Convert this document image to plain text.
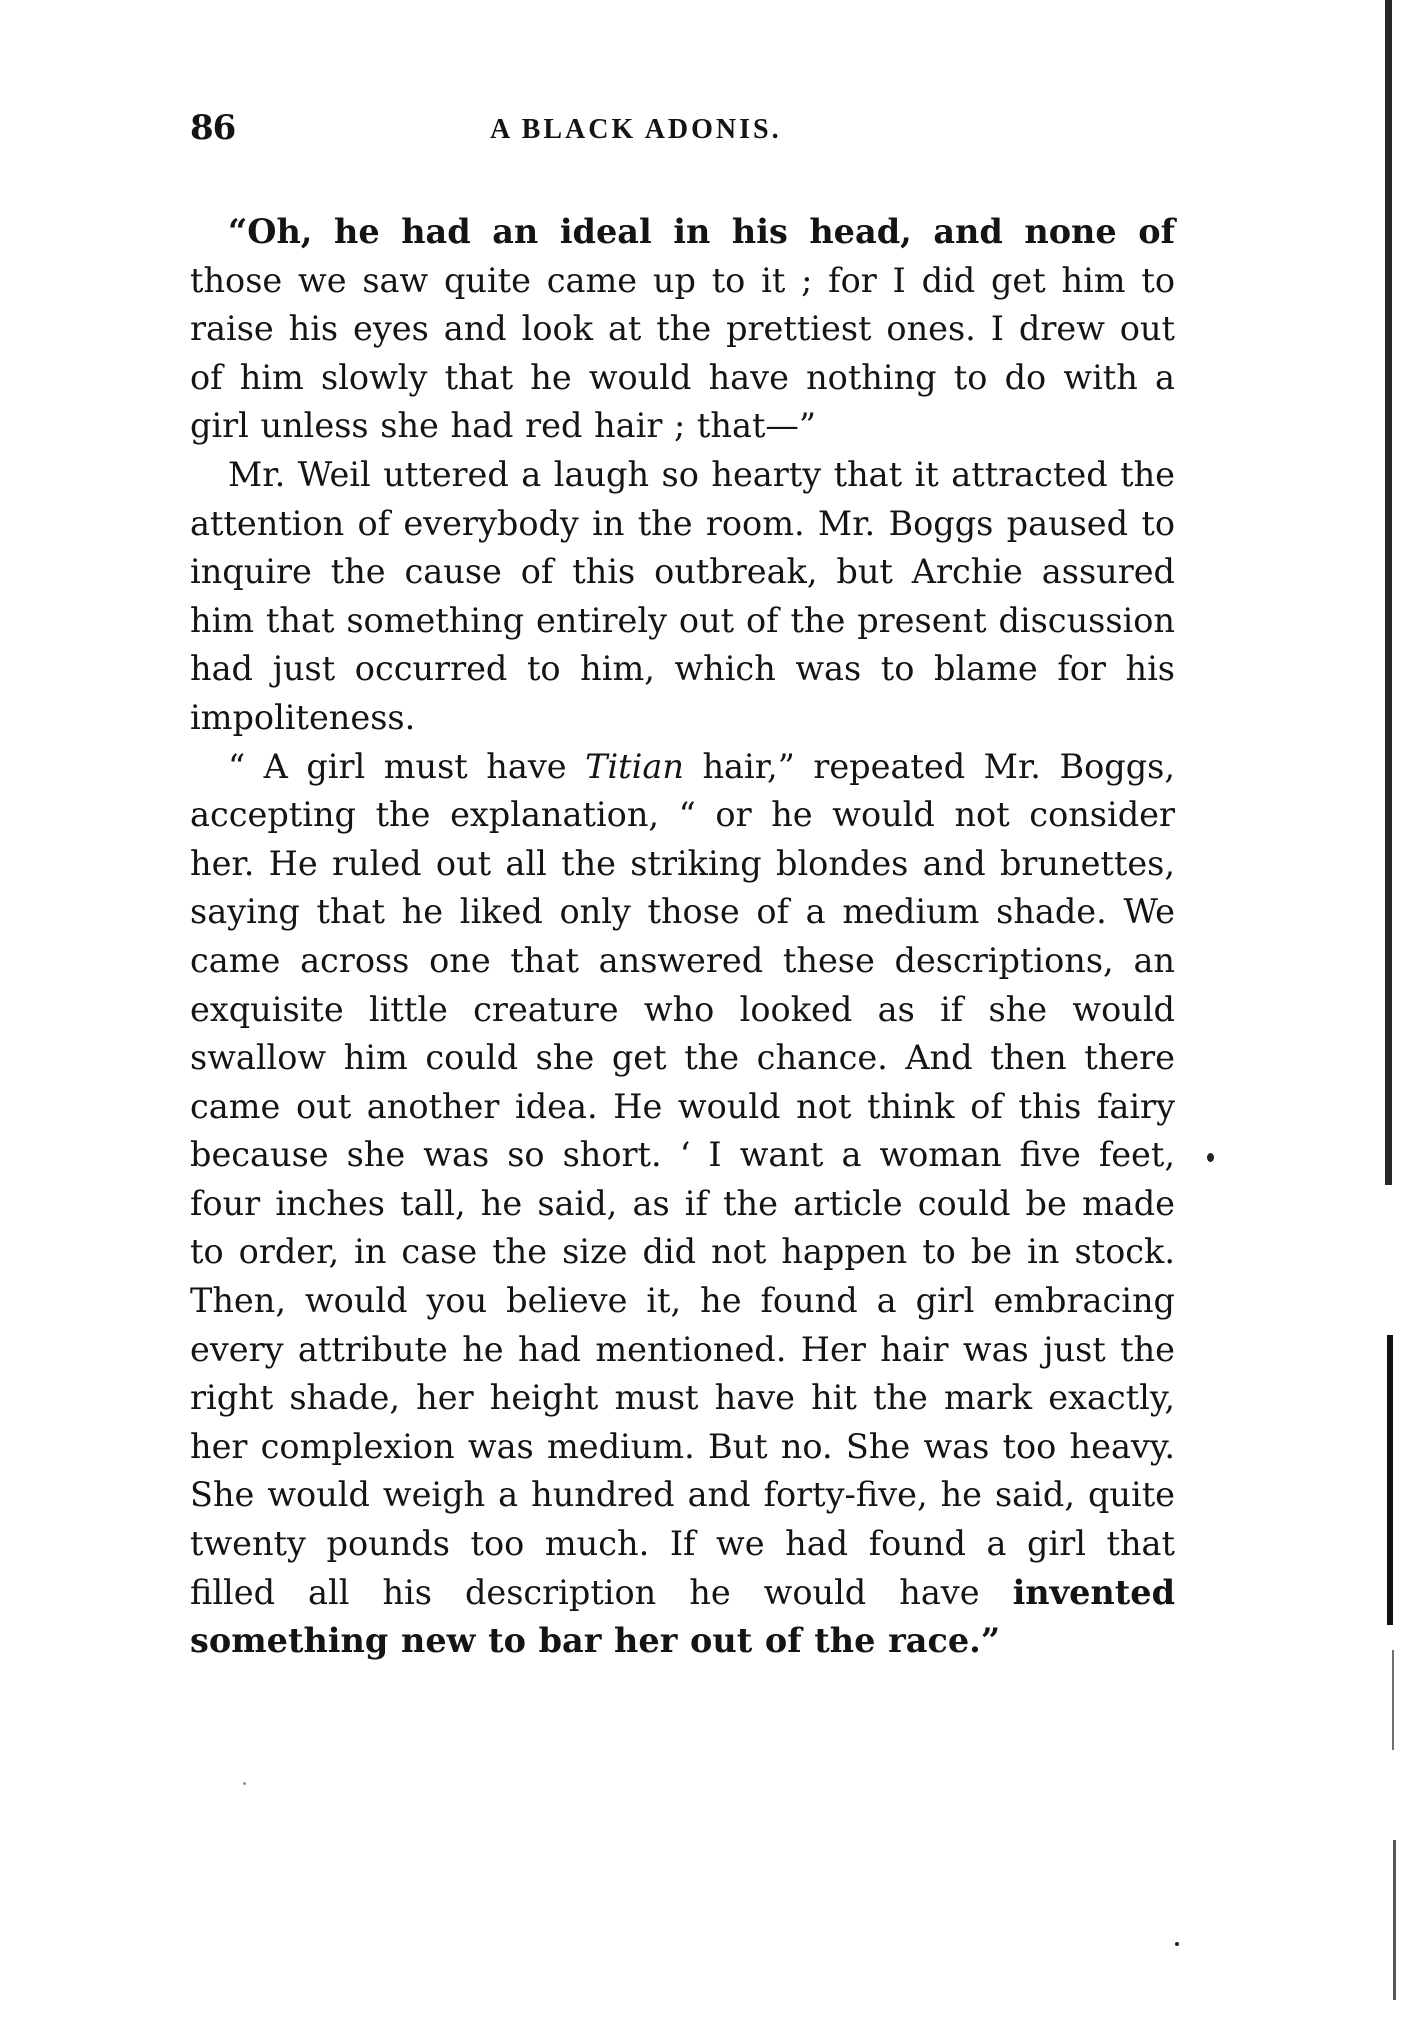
86	A BLACK ADONIS.

“Oh, he had an ideal in his head, and none of those we saw quite came up to it ; for I did get him to raise his eyes and look at the prettiest ones. I drew out of him slowly that he would have nothing to do with a girl unless she had red hair ; that—”

Mr. Weil uttered a laugh so hearty that it attracted the attention of everybody in the room. Mr. Boggs paused to inquire the cause of this outbreak, but Archie assured him that something entirely out of the present discussion had just occurred to him, which was to blame for his impoliteness.

“ A girl must have Titian hair,” repeated Mr. Boggs, accepting the explanation, “ or he would not consider her. He ruled out all the striking blondes and brunettes, saying that he liked only those of a medium shade. We came across one that answered these descriptions, an exquisite little creature who looked as if she would swallow him could she get the chance. And then there came out another idea. He would not think of this fairy because she was so short. ‘ I want a woman five feet, four inches tall, he said, as if the article could be made to order, in case the size did not happen to be in stock. Then, would you believe it, he found a girl embracing every attribute he had mentioned. Her hair was just the right shade, her height must have hit the mark exactly, her complexion was medium. But no. She was too heavy. She would weigh a hundred and forty-five, he said, quite twenty pounds too much. If we had found a girl that filled all his description he would have invented something new to bar her out of the race.”
